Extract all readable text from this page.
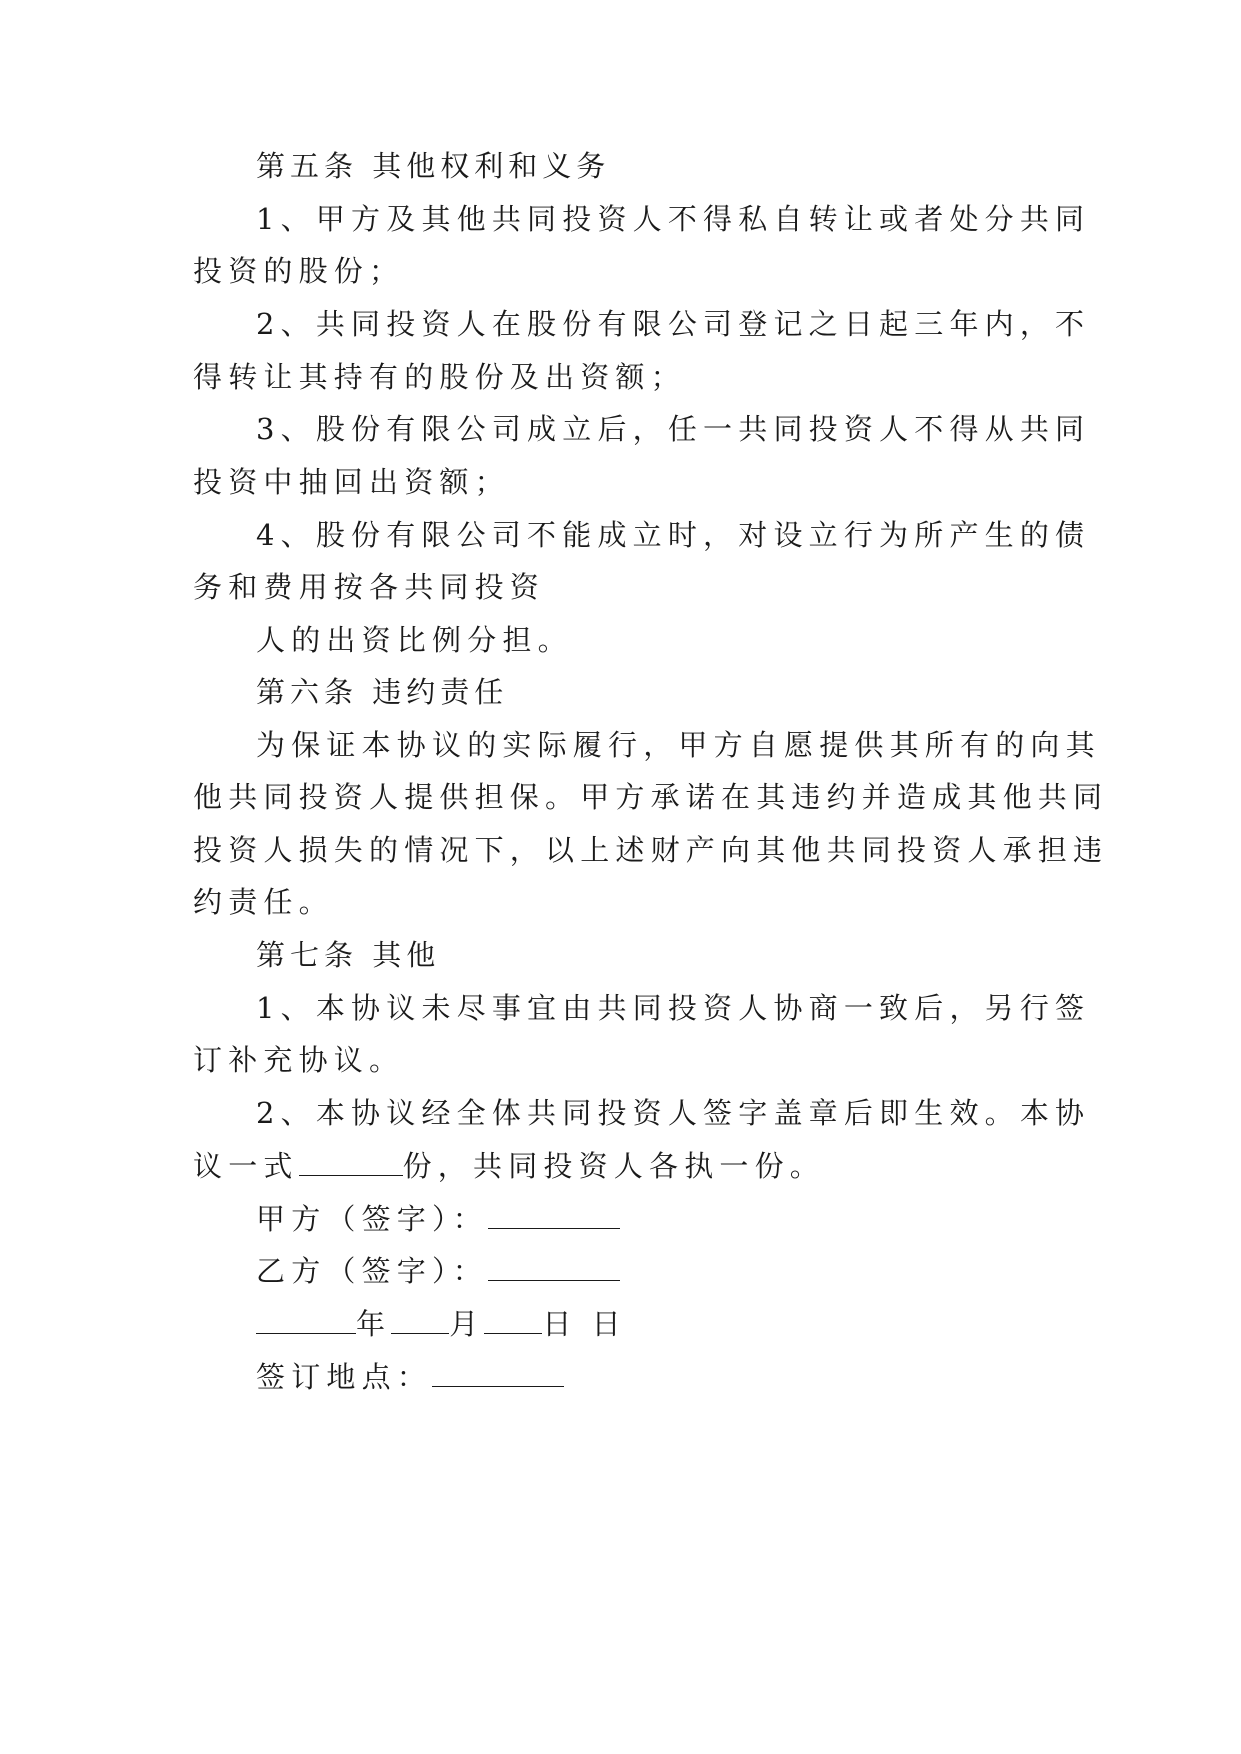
第五条 其他权利和义务

1、甲方及其他共同投资人不得私自转让或者处分共同

投资的股份；

2、共同投资人在股份有限公司登记之日起三年内，不

得转让其持有的股份及出资额；

3、股份有限公司成立后，任一共同投资人不得从共同

投资中抽回出资额；

4、股份有限公司不能成立时，对设立行为所产生的债

务和费用按各共同投资

人的出资比例分担。

第六条 违约责任

为保证本协议的实际履行，甲方自愿提供其所有的向其

他共同投资人提供担保。甲方承诺在其违约并造成其他共同

投资人损失的情况下，以上述财产向其他共同投资人承担违

约责任。

第七条 其他

1、本协议未尽事宜由共同投资人协商一致后，另行签

订补充协议。

2、本协议经全体共同投资人签字盖章后即生效。本协

议一式	份，共同投资人各执一份。

甲方（签字）：

乙方（签字）：

年 月 日 日

签订地点：
